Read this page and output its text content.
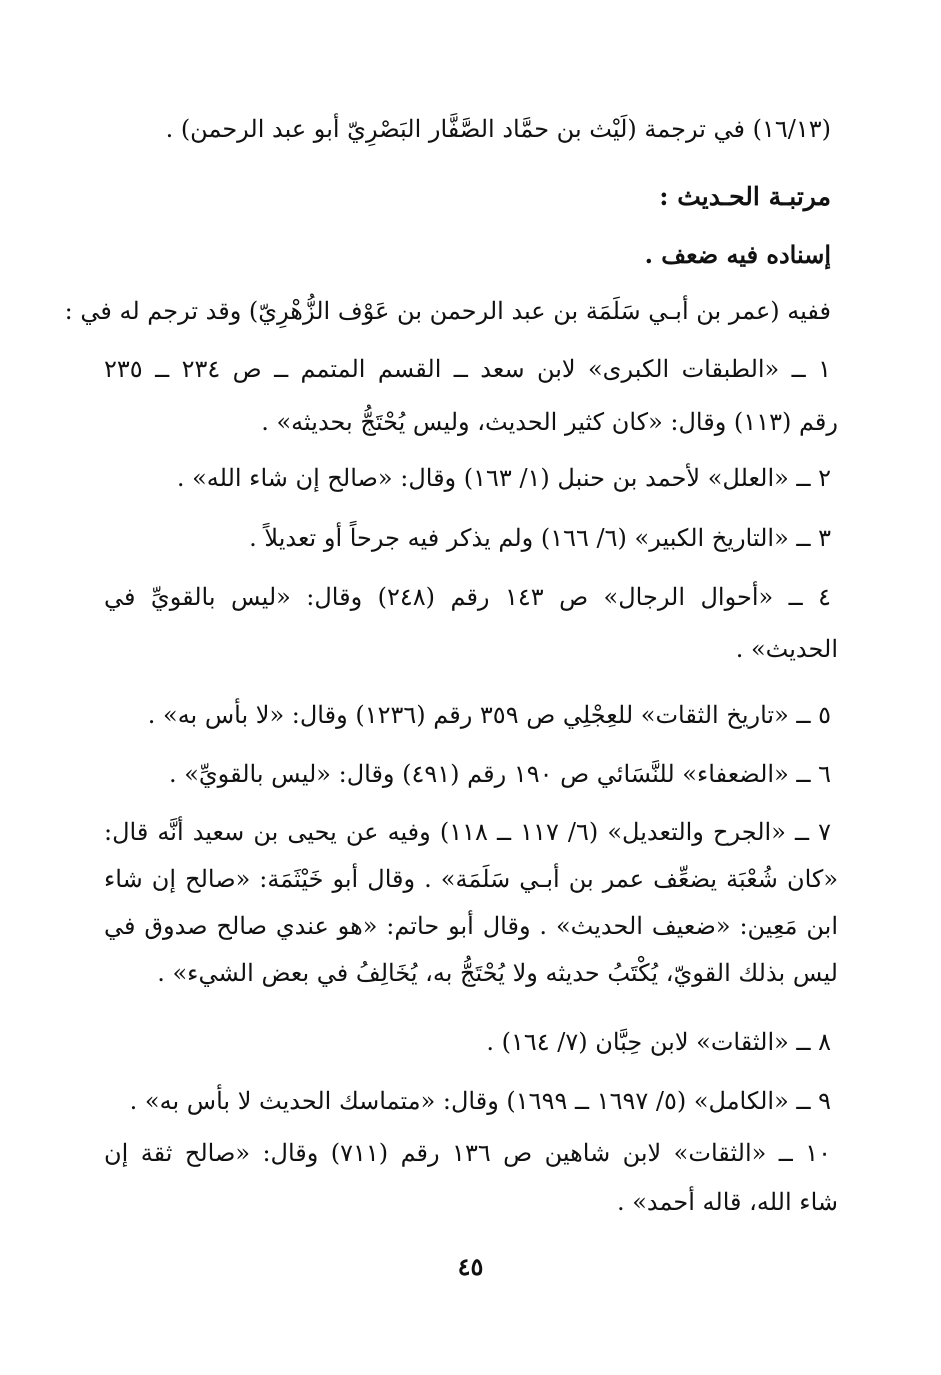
(١٦/١٣) في ترجمة (لَيْث بن حمَّاد الصَّفَّار البَصْرِيّ أبو عبد الرحمن) .
مرتبـة الحـديث :
إسناده فيه ضعف .
ففيه (عمر بن أبـي سَلَمَة بن عبد الرحمن بن عَوْف الزُّهْرِيّ) وقد ترجم له في :
١ ــ «الطبقات الكبرى» لابن سعد ــ القسم المتمم ــ ص ٢٣٤ ــ ٢٣٥
رقم (١١٣) وقال: «كان كثير الحديث، وليس يُحْتَجُّ بحديثه» .
٢ ــ «العلل» لأحمد بن حنبل (١/ ١٦٣) وقال: «صالح إن شاء الله» .
٣ ــ «التاريخ الكبير» (٦/ ١٦٦) ولم يذكر فيه جرحاً أو تعديلاً .
٤ ــ «أحوال الرجال» ص ١٤٣ رقم (٢٤٨) وقال: «ليس بالقويِّ في
الحديث» .
٥ ــ «تاريخ الثقات» للعِجْلِي ص ٣٥٩ رقم (١٢٣٦) وقال: «لا بأس به» .
٦ ــ «الضعفاء» للنَّسَائي ص ١٩٠ رقم (٤٩١) وقال: «ليس بالقويِّ» .
٧ ــ «الجرح والتعديل» (٦/ ١١٧ ــ ١١٨) وفيه عن يحيى بن سعيد أنَّه قال:
«كان شُعْبَة يضعِّف عمر بن أبـي سَلَمَة» . وقال أبو خَيْثَمَة: «صالح إن شاء
ابن مَعِين: «ضعيف الحديث» . وقال أبو حاتم: «هو عندي صالح صدوق في
ليس بذلك القويّ، يُكْتَبُ حديثه ولا يُحْتَجُّ به، يُخَالِفُ في بعض الشيء» .
٨ ــ «الثقات» لابن حِبَّان (٧/ ١٦٤) .
٩ ــ «الكامل» (٥/ ١٦٩٧ ــ ١٦٩٩) وقال: «متماسك الحديث لا بأس به» .
١٠ ــ «الثقات» لابن شاهين ص ١٣٦ رقم (٧١١) وقال: «صالح ثقة إن
شاء الله، قاله أحمد» .
٤٥
